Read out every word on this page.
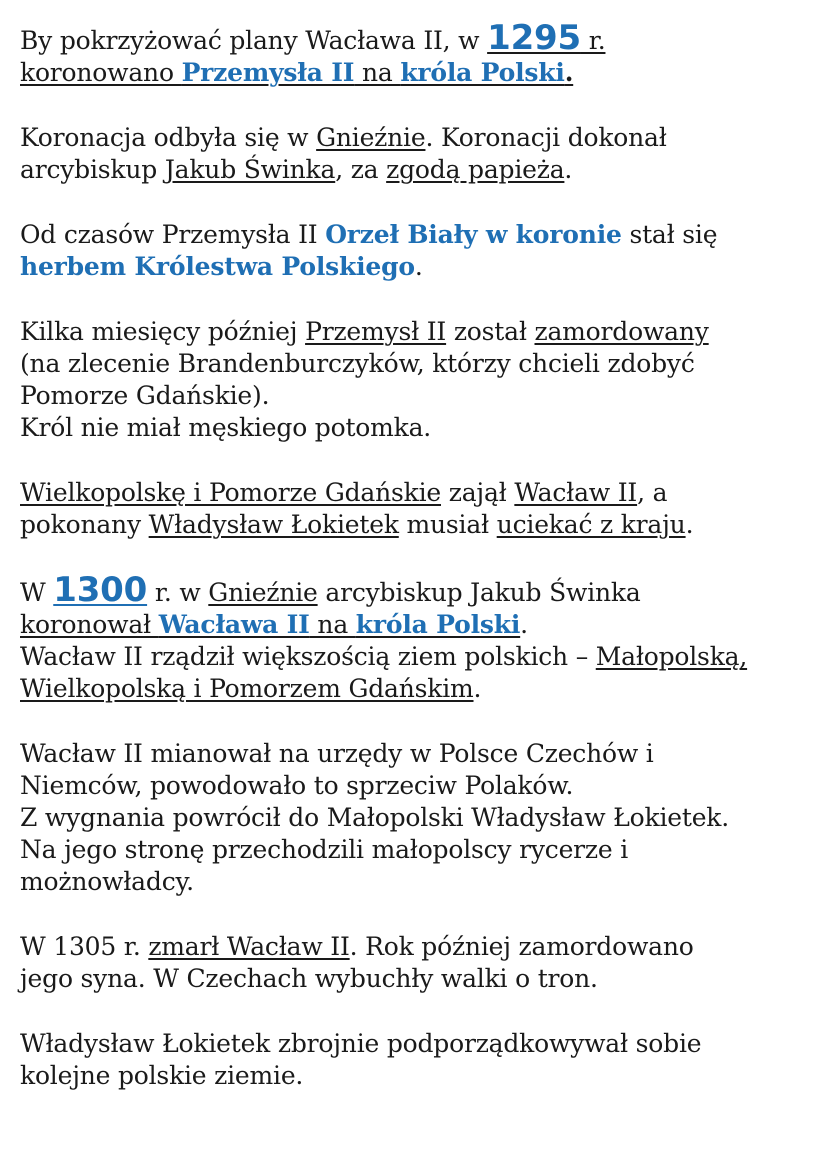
By pokrzyżować plany Wacława II, w 1295 r.
koronowano Przemysła II na króla Polski.

Koronacja odbyła się w Gnieźnie. Koronacji dokonał
arcybiskup Jakub Świnka, za zgodą papieża.

Od czasów Przemysła II Orzeł Biały w koronie stał się
herbem Królestwa Polskiego.

Kilka miesięcy później Przemysł II został zamordowany
(na zlecenie Brandenburczyków, którzy chcieli zdobyć
Pomorze Gdańskie).
Król nie miał męskiego potomka.

Wielkopolskę i Pomorze Gdańskie zajął Wacław II, a
pokonany Władysław Łokietek musiał uciekać z kraju.

W 1300 r. w Gnieźnie arcybiskup Jakub Świnka
koronował Wacława II na króla Polski.
Wacław II rządził większością ziem polskich – Małopolską,
Wielkopolską i Pomorzem Gdańskim.

Wacław II mianował na urzędy w Polsce Czechów i
Niemców, powodowało to sprzeciw Polaków.
Z wygnania powrócił do Małopolski Władysław Łokietek.
Na jego stronę przechodzili małopolscy rycerze i
możnowładcy.

W 1305 r. zmarł Wacław II. Rok później zamordowano
jego syna. W Czechach wybuchły walki o tron.

Władysław Łokietek zbrojnie podporządkowywał sobie
kolejne polskie ziemie.
